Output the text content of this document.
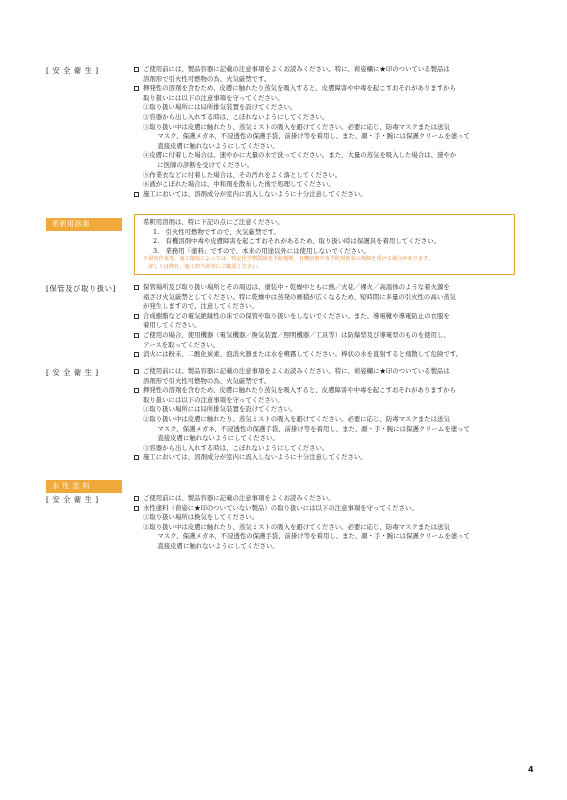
[ 安 全 衛 生 ]	ご使用前には、製品容器に記載の注意事項をよくお読みください。特に、荷姿欄に★印のついている製品は
溶剤形で引火性可燃物の為、火気厳禁です。
揮発性の溶剤を含むため、皮膚に触れたり蒸気を吸入すると、皮膚障害や中毒を起こすおそれがありますから
取り扱いには以下の注意事項を守ってください。
①取り扱い場所には局所排気装置を設けてください。
②容器から出し入れする時は、こぼれないようにしてください。
③取り扱い中は皮膚に触れたり、蒸気ミストの吸入を避けてください。必要に応じ、防毒マスクまたは送気
　マスク、保護メガネ、不浸透性の保護手袋、前掛け等を着用し、また、顔・手・腕には保護クリームを塗って
　直接皮膚に触れないようにしてください。
④皮膚に付着した場合は、速やかに大量の水で洗ってください。また、大量の蒸気を吸入した場合は、速やか
　に医師の診断を受けてください。
⑤作業衣などに付着した場合は、その汚れをよく落としてください。
⑥液がこぼれた場合は、中和剤を散布した後で処理してください。
施工においては、溶剤成分が室内に流入しないように十分注意してください。
希釈用溶剤	希釈用溶剤は、特に下記の点にご注意ください。
1.　引火性可燃物ですので、火気厳禁です。
2.　有機溶剤中毒や皮膚障害を起こすおそれがあるため、取り扱い時は保護具を着用してください。
3.　業務用「塗料」ですので、本来の用途以外には使用しないでください。
※屋内作業等、施工環境によっては、特定化学物質障害予防規則、有機溶剤中毒予防規則等の規制を受ける場合があります。
　詳しくは弊社、施工担当者等にご確認ください。
[保管及び取り扱い]	保管場所及び取り扱い場所とその周辺は、塗装中・乾燥中ともに熱／火花／裸火／高温体のような着火源を
遠ざけ火気厳禁としてください。特に乾燥中は蒸発の画積が広くなるため、短時間に多量の引火性の高い蒸気
が発生しますので、注意してください。
合成樹脂などの電気絶縁性の床での保管や取り扱いをしないでください。また、導電靴や導電防止の衣服を
着用してください。
ご使用の場合、使用機器（電気機器／換気装置／照明機器／工具等）は防爆型及び導電型のものを使用し、
アースを取ってください。
消火には粉末、二酸化炭素、泡消火器または水を噴霧してください。棒状の水を直射すると飛散して危険です。
[ 安 全 衛 生 ]	ご使用前には、製品容器に記載の注意事項をよくお読みください。特に、荷姿欄に★印のついている製品は
溶剤形で引火性可燃物の為、火気厳禁です。
揮発性の溶剤を含むため、皮膚に触れたり蒸気を吸入すると、皮膚障害や中毒を起こすおそれがありますから
取り扱いには以下の注意事項を守ってください。
①取り扱い場所には局所排気装置を設けてください。
②取り扱い中は皮膚に触れたり、蒸気ミストの吸入を避けてください。必要に応じ、防毒マスクまたは送気
　マスク、保護メガネ、不浸透性の保護手袋、前掛け等を着用し、また、顔・手・腕には保護クリームを塗って
　直接皮膚に触れないようにしてください。
③容器から出し入れする時は、こぼれないようにしてください。
施工においては、溶剤成分が室内に流入しないように十分注意してください。
水 性 塗 料
[ 安 全 衛 生 ]	ご使用前には、製品容器に記載の注意事項をよくお読みください。
水性塗料（荷姿に★印のついていない製品）の取り扱いには以下の注意事項を守ってください。
①取り扱い場所は換気をしてください。
②取り扱い中は皮膚に触れたり、蒸気ミストの吸入を避けてください。必要に応じ、防毒マスクまたは送気
　マスク、保護メガネ、不浸透性の保護手袋、前掛け等を着用し、また、顔・手・腕には保護クリームを塗って
　直接皮膚に触れないようにしてください。
4
